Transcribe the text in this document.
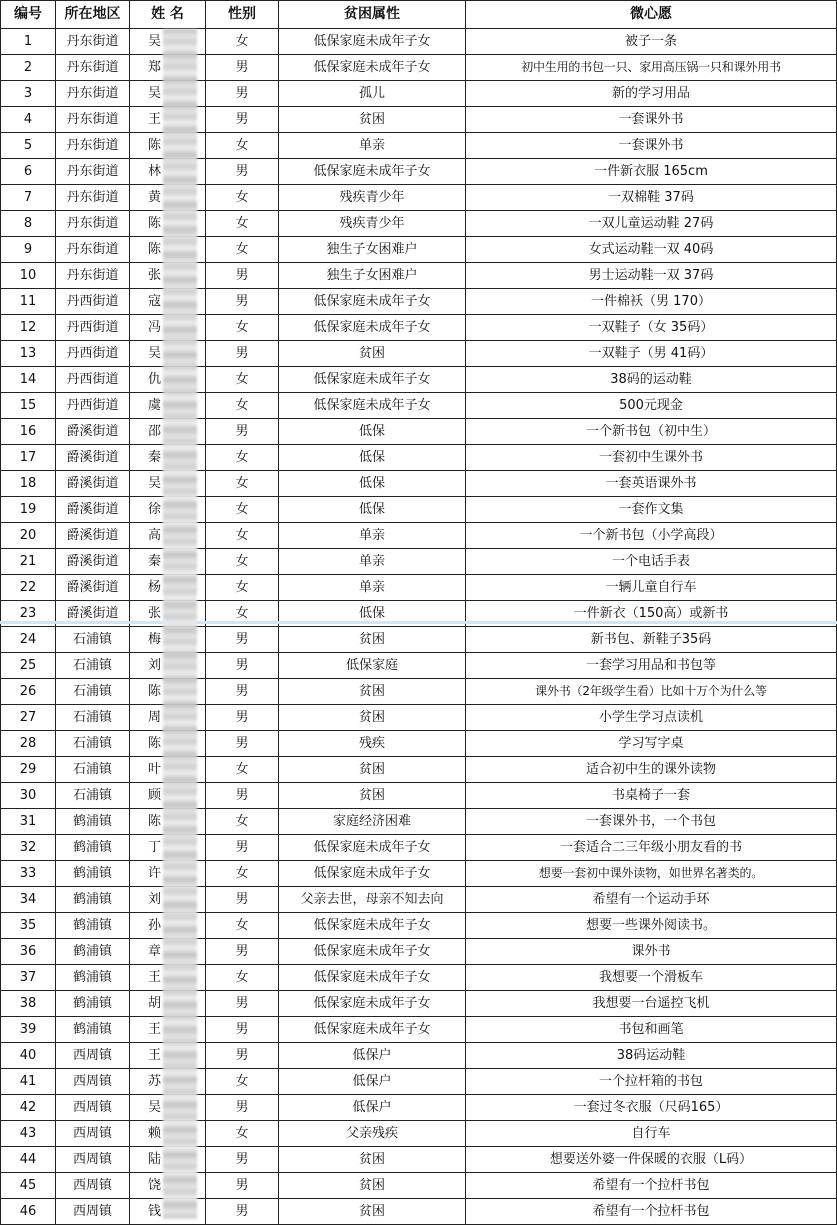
编号	所在地区	姓 名	性别	贫困属性	微心愿
1	丹东街道	吴	女	低保家庭未成年子女	被子一条
2	丹东街道	郑	男	低保家庭未成年子女	初中生用的书包一只、家用高压锅一只和课外用书
3	丹东街道	吴	男	孤儿	新的学习用品
4	丹东街道	王	男	贫困	一套课外书
5	丹东街道	陈	女	单亲	一套课外书
6	丹东街道	林	男	低保家庭未成年子女	一件新衣服 165cm
7	丹东街道	黄	女	残疾青少年	一双棉鞋 37码
8	丹东街道	陈	女	残疾青少年	一双儿童运动鞋 27码
9	丹东街道	陈	女	独生子女困难户	女式运动鞋一双 40码
10	丹东街道	张	男	独生子女困难户	男士运动鞋一双 37码
11	丹西街道	寇	男	低保家庭未成年子女	一件棉袄（男 170）
12	丹西街道	冯	女	低保家庭未成年子女	一双鞋子（女 35码）
13	丹西街道	吴	男	贫困	一双鞋子（男 41码）
14	丹西街道	仇	女	低保家庭未成年子女	38码的运动鞋
15	丹西街道	虞	女	低保家庭未成年子女	500元现金
16	爵溪街道	邵	男	低保	一个新书包（初中生）
17	爵溪街道	秦	女	低保	一套初中生课外书
18	爵溪街道	吴	女	低保	一套英语课外书
19	爵溪街道	徐	女	低保	一套作文集
20	爵溪街道	高	女	单亲	一个新书包（小学高段）
21	爵溪街道	秦	女	单亲	一个电话手表
22	爵溪街道	杨	女	单亲	一辆儿童自行车
23	爵溪街道	张	女	低保	一件新衣（150高）或新书
24	石浦镇	梅	男	贫困	新书包、新鞋子35码
25	石浦镇	刘	男	低保家庭	一套学习用品和书包等
26	石浦镇	陈	男	贫困	课外书（2年级学生看）比如十万个为什么等
27	石浦镇	周	男	贫困	小学生学习点读机
28	石浦镇	陈	男	残疾	学习写字桌
29	石浦镇	叶	女	贫困	适合初中生的课外读物
30	石浦镇	顾	男	贫困	书桌椅子一套
31	鹤浦镇	陈	女	家庭经济困难	一套课外书，一个书包
32	鹤浦镇	丁	男	低保家庭未成年子女	一套适合二三年级小朋友看的书
33	鹤浦镇	许	女	低保家庭未成年子女	想要一套初中课外读物，如世界名著类的。
34	鹤浦镇	刘	男	父亲去世，母亲不知去向	希望有一个运动手环
35	鹤浦镇	孙	女	低保家庭未成年子女	想要一些课外阅读书。
36	鹤浦镇	章	男	低保家庭未成年子女	课外书
37	鹤浦镇	王	女	低保家庭未成年子女	我想要一个滑板车
38	鹤浦镇	胡	男	低保家庭未成年子女	我想要一台遥控飞机
39	鹤浦镇	王	男	低保家庭未成年子女	书包和画笔
40	西周镇	王	男	低保户	38码运动鞋
41	西周镇	苏	女	低保户	一个拉杆箱的书包
42	西周镇	吴	男	低保户	一套过冬衣服（尺码165）
43	西周镇	赖	女	父亲残疾	自行车
44	西周镇	陆	男	贫困	想要送外婆一件保暖的衣服（L码）
45	西周镇	饶	男	贫困	希望有一个拉杆书包
46	西周镇	钱	男	贫困	希望有一个拉杆书包
